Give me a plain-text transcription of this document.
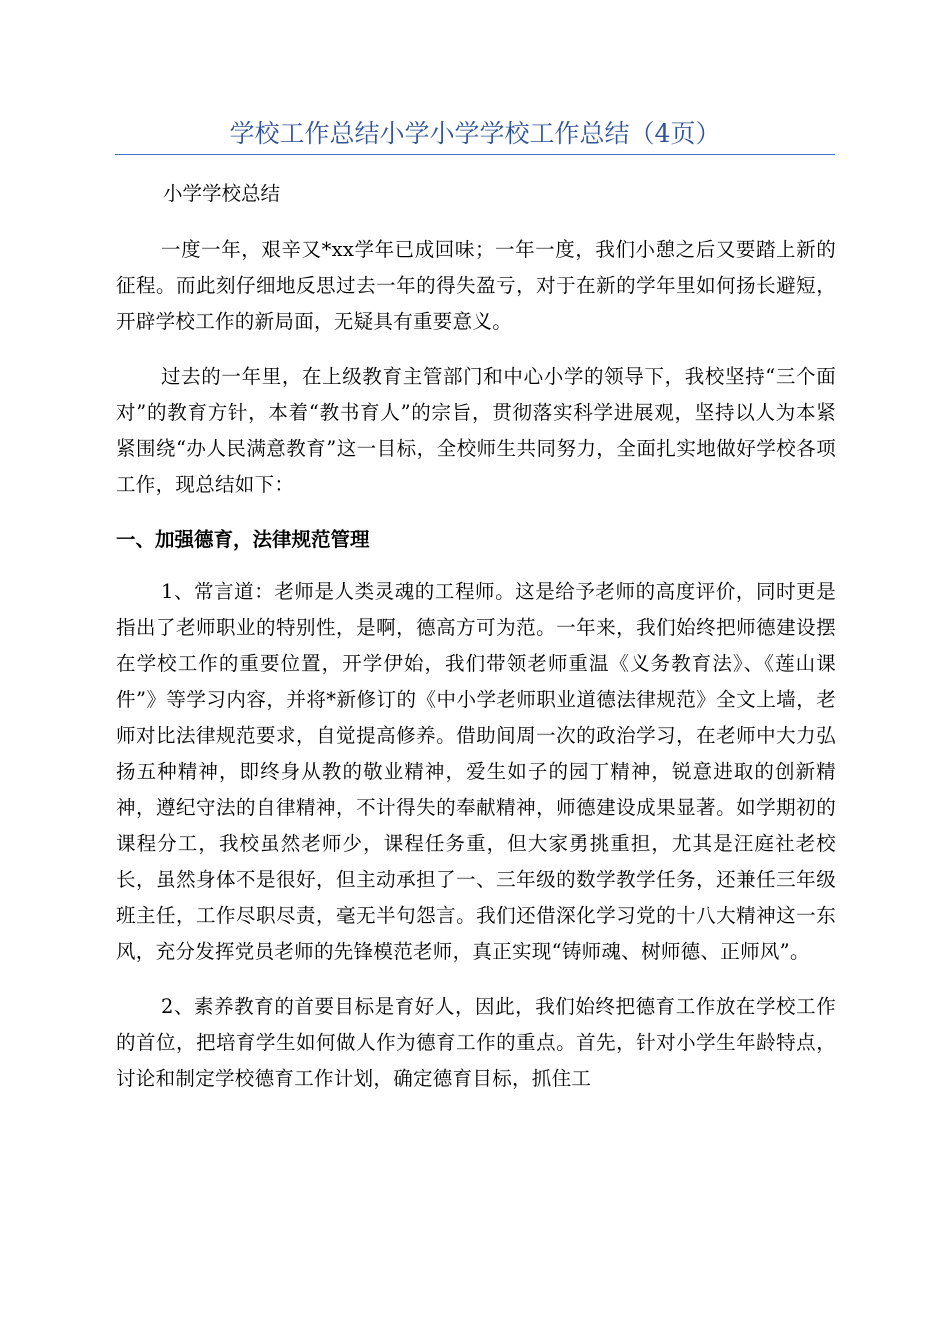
学校工作总结小学小学学校工作总结（4页）

小学学校总结

一度一年，艰辛又*xx学年已成回味；一年一度，我们小憩之后又要踏上新的征程。而此刻仔细地反思过去一年的得失盈亏，对于在新的学年里如何扬长避短，开辟学校工作的新局面，无疑具有重要意义。

过去的一年里，在上级教育主管部门和中心小学的领导下，我校坚持“三个面对”的教育方针，本着“教书育人”的宗旨，贯彻落实科学进展观，坚持以人为本紧紧围绕“办人民满意教育”这一目标，全校师生共同努力，全面扎实地做好学校各项工作，现总结如下：

一、加强德育，法律规范管理

1、常言道：老师是人类灵魂的工程师。这是给予老师的高度评价，同时更是指出了老师职业的特别性，是啊，德高方可为范。一年来，我们始终把师德建设摆在学校工作的重要位置，开学伊始，我们带领老师重温《义务教育法》、《莲山课件”》等学习内容，并将*新修订的《中小学老师职业道德法律规范》全文上墙，老师对比法律规范要求，自觉提高修养。借助间周一次的政治学习，在老师中大力弘扬五种精神，即终身从教的敬业精神，爱生如子的园丁精神，锐意进取的创新精神，遵纪守法的自律精神，不计得失的奉献精神，师德建设成果显著。如学期初的课程分工，我校虽然老师少，课程任务重，但大家勇挑重担，尤其是汪庭社老校长，虽然身体不是很好，但主动承担了一、三年级的数学教学任务，还兼任三年级班主任，工作尽职尽责，毫无半句怨言。我们还借深化学习党的十八大精神这一东风，充分发挥党员老师的先锋模范老师，真正实现“铸师魂、树师德、正师风”。

2、素养教育的首要目标是育好人，因此，我们始终把德育工作放在学校工作的首位，把培育学生如何做人作为德育工作的重点。首先，针对小学生年龄特点，讨论和制定学校德育工作计划，确定德育目标，抓住工
